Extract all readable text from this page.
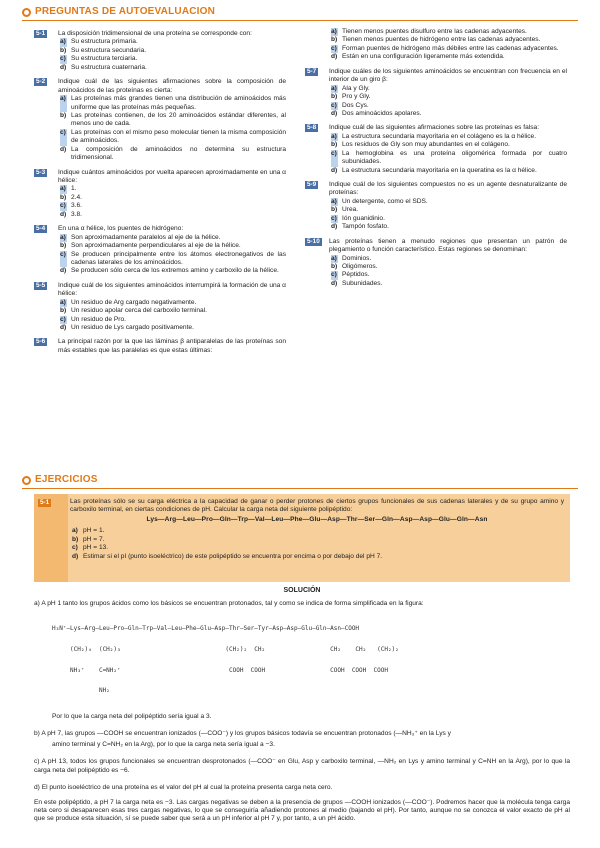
PREGUNTAS DE AUTOEVALUACION
5-1	La disposición tridimensional de una proteína se corresponde con:
a) Su estructura primaria.
b) Su estructura secundaria.
c) Su estructura terciaria.
d) Su estructura cuaternaria.
5-2	Indique cuál de las siguientes afirmaciones sobre la composición de aminoácidos de las proteínas es cierta:
a) Las proteínas más grandes tienen una distribución de aminoácidos más uniforme que las proteínas más pequeñas.
b) Las proteínas contienen, de los 20 aminoácidos estándar diferentes, al menos uno de cada.
c) Las proteínas con el mismo peso molecular tienen la misma composición de aminoácidos.
d) La composición de aminoácidos no determina su estructura tridimensional.
5-3	Indique cuántos aminoácidos por vuelta aparecen aproximadamente en una α hélice:
a) 1.
b) 2.4.
c) 3.6.
d) 3.8.
5-4	En una α hélice, los puentes de hidrógeno:
a) Son aproximadamente paralelos al eje de la hélice.
b) Son aproximadamente perpendiculares al eje de la hélice.
c) Se producen principalmente entre los átomos electronegativos de las cadenas laterales de los aminoácidos.
d) Se producen sólo cerca de los extremos amino y carboxilo de la hélice.
5-5	Indique cuál de los siguientes aminoácidos interrumpirá la formación de una α hélice:
a) Un residuo de Arg cargado negativamente.
b) Un residuo apolar cerca del carboxilo terminal.
c) Un residuo de Pro.
d) Un residuo de Lys cargado positivamente.
5-6	La principal razón por la que las láminas β antiparalelas de las proteínas son más estables que las paralelas es que estas últimas:
a) Tienen menos puentes disulfuro entre las cadenas adyacentes.
b) Tienen menos puentes de hidrógeno entre las cadenas adyacentes.
c) Forman puentes de hidrógeno más débiles entre las cadenas adyacentes.
d) Están en una configuración ligeramente más extendida.
5-7	Indique cuáles de los siguientes aminoácidos se encuentran con frecuencia en el interior de un giro β:
a) Ala y Gly.
b) Pro y Gly.
c) Dos Cys.
d) Dos aminoácidos apolares.
5-8	Indique cuál de las siguientes afirmaciones sobre las proteínas es falsa:
a) La estructura secundaria mayoritaria en el colágeno es la α hélice.
b) Los residuos de Gly son muy abundantes en el colágeno.
c) La hemoglobina es una proteína oligomérica formada por cuatro subunidades.
d) La estructura secundaria mayoritaria en la queratina es la α hélice.
5-9	Indique cuál de los siguientes compuestos no es un agente desnaturalizante de proteínas:
a) Un detergente, como el SDS.
b) Urea.
c) Ión guanidinio.
d) Tampón fosfato.
5-10	Las proteínas tienen a menudo regiones que presentan un patrón de plegamiento o función característico. Estas regiones se denominan:
a) Dominios.
b) Oligómeros.
c) Péptidos.
d) Subunidades.
EJERCICIOS
5-1	Las proteínas sólo se su carga eléctrica a la capacidad de ganar o perder protones de ciertos grupos funcionales de sus cadenas laterales y de su grupo amino y carboxilo terminal, en ciertas condiciones de pH. Calcular la carga neta del siguiente polipéptido:
Lys—Arg—Leu—Pro—Gln—Trp—Val—Leu—Phe—Glu—Asp—Thr—Ser—Gln—Asp—Asp—Glu—Gln—Asn
a) pH = 1.
b) pH = 7.
c) pH = 13.
d) Estimar si el pI (punto isoeléctrico) de este polipéptido se encuentra por encima o por debajo del pH 7.
SOLUCIÓN

a) A pH 1 tanto los grupos ácidos como los básicos se encuentran protonados, tal y como se indica de forma simplificada en la figura:

H₃N⁺—Lys—Arg—Leu—Pro—Gln—Trp—Val—Leu—Phe—Glu—Asp—Thr—Ser—Tyr—Asp—Asp—Glu—Gln—Asn—COOH

(CH₂)₄  (CH₂)₃                             (CH₂)₂  CH₂                  CH₂    CH₂   (CH₂)₂

NH₃⁺    C=NH₂⁺                              COOH  COOH                  COOH  COOH  COOH

NH₂

Por lo que la carga neta del polipéptido sería igual a 3.

b) A pH 7, las grupos —COOH se encuentran ionizados (—COO⁻) y los grupos básicos todavía se encuentran protonados (—NH₃⁺ en la Lys y

amino terminal y C=NH₂ en la Arg), por lo que la carga neta sería igual a −3.

c) A pH 13, todos los grupos funcionales se encuentran desprotonados (—COO⁻ en Glu, Asp y carboxilo terminal, —NH₂ en Lys y amino terminal y C=NH en la Arg), por lo que la carga neta del polipéptido es −6.

d) El punto isoeléctrico de una proteína es el valor del pH al cual la proteína presenta carga neta cero.

En este polipéptido, a pH 7 la carga neta es −3. Las cargas negativas se deben a la presencia de grupos —COOH ionizados (—COO⁻). Podremos hacer que la molécula tenga carga neta cero si desaparecen esas tres cargas negativas, lo que se conseguiría añadiendo protones al medio (bajando el pH). Por tanto, aunque no se conozca el valor exacto de pH al que se produce esta situación, sí se puede saber que será a un pH inferior al pH 7 y, por tanto, a un pH ácido.
